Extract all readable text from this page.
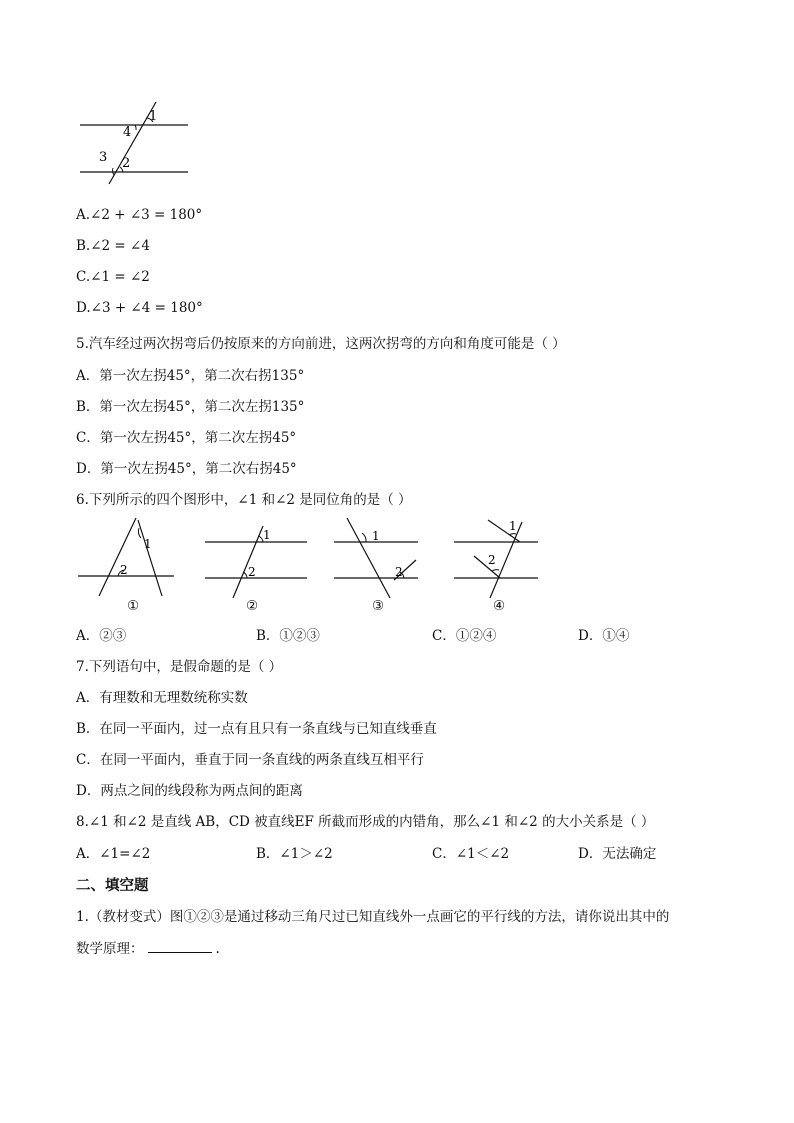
1
4
3 2
A.∠2 + ∠3 = 180°
B.∠2 = ∠4
C.∠1 = ∠2
D.∠3 + ∠4 = 180°
5.汽车经过两次拐弯后仍按原来的方向前进，这两次拐弯的方向和角度可能是（ ）
A．第一次左拐45°，第二次右拐135°
B．第一次左拐45°，第二次左拐135°
C．第一次左拐45°，第二次左拐45°
D．第一次左拐45°，第二次右拐45°
6.下列所示的四个图形中，∠1 和∠2 是同位角的是（ ）
1
2
①
1
2
②
1
2
③
1
2
④
A．②③	B．①②③	C．①②④	D．①④
7.下列语句中，是假命题的是（ ）
A．有理数和无理数统称实数
B．在同一平面内，过一点有且只有一条直线与已知直线垂直
C．在同一平面内，垂直于同一条直线的两条直线互相平行
D．两点之间的线段称为两点间的距离
8.∠1 和∠2 是直线 AB，CD 被直线EF 所截而形成的内错角，那么∠1 和∠2 的大小关系是（ ）
A．∠1=∠2	B．∠1＞∠2	C．∠1＜∠2	D．无法确定
二、填空题
1.（教材变式）图①②③是通过移动三角尺过已知直线外一点画它的平行线的方法，请你说出其中的
数学原理：	.
